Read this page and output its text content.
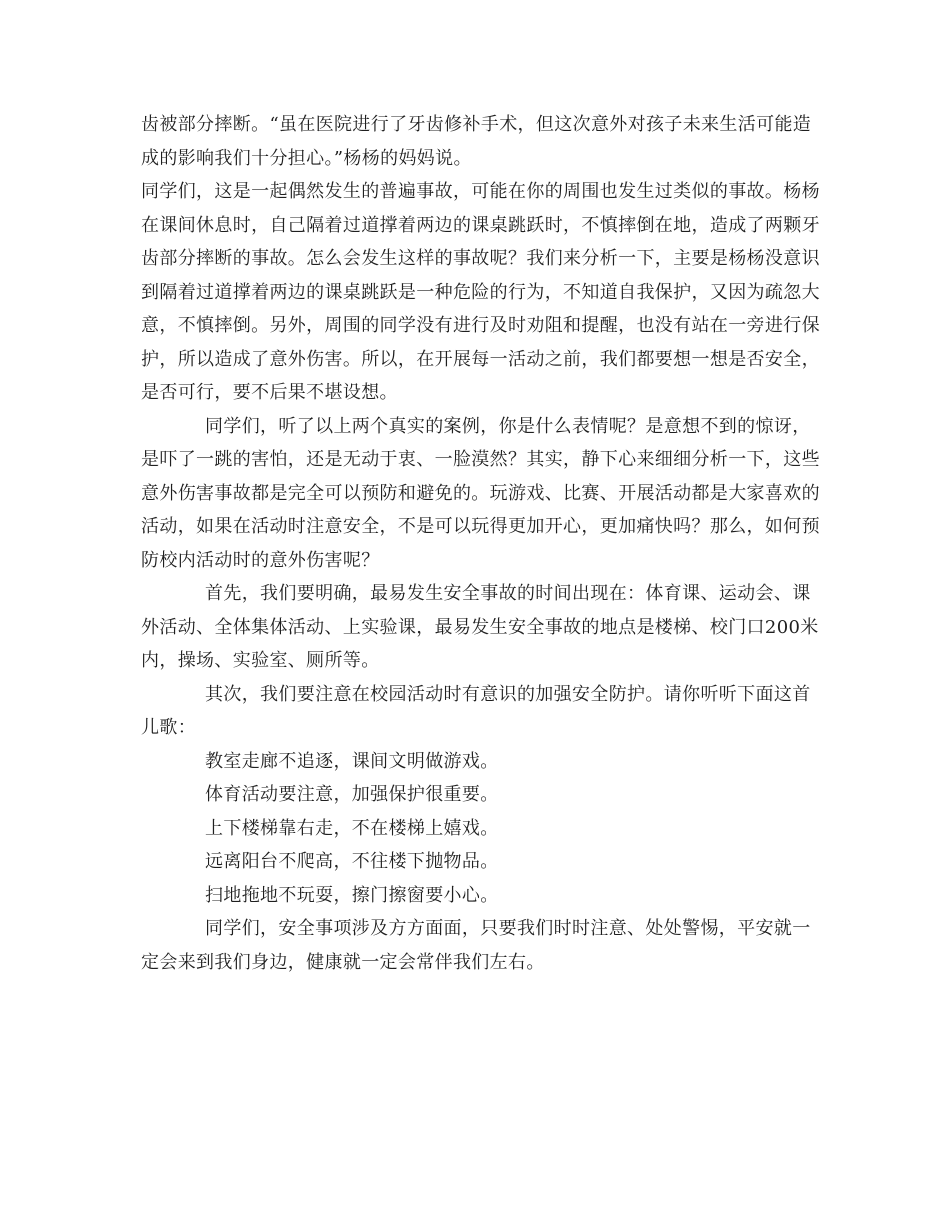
齿被部分摔断。“虽在医院进行了牙齿修补手术，但这次意外对孩子未来生活可能造成的影响我们十分担心。”杨杨的妈妈说。

同学们，这是一起偶然发生的普遍事故，可能在你的周围也发生过类似的事故。杨杨在课间休息时，自己隔着过道撑着两边的课桌跳跃时，不慎摔倒在地，造成了两颗牙齿部分摔断的事故。怎么会发生这样的事故呢？我们来分析一下，主要是杨杨没意识到隔着过道撑着两边的课桌跳跃是一种危险的行为，不知道自我保护，又因为疏忽大意，不慎摔倒。另外，周围的同学没有进行及时劝阻和提醒，也没有站在一旁进行保护，所以造成了意外伤害。所以，在开展每一活动之前，我们都要想一想是否安全，是否可行，要不后果不堪设想。

同学们，听了以上两个真实的案例，你是什么表情呢？是意想不到的惊讶，是吓了一跳的害怕，还是无动于衷、一脸漠然？其实，静下心来细细分析一下，这些意外伤害事故都是完全可以预防和避免的。玩游戏、比赛、开展活动都是大家喜欢的活动，如果在活动时注意安全，不是可以玩得更加开心，更加痛快吗？那么，如何预防校内活动时的意外伤害呢？

首先，我们要明确，最易发生安全事故的时间出现在：体育课、运动会、课外活动、全体集体活动、上实验课，最易发生安全事故的地点是楼梯、校门口200米内，操场、实验室、厕所等。

其次，我们要注意在校园活动时有意识的加强安全防护。请你听听下面这首儿歌：

教室走廊不追逐，课间文明做游戏。

体育活动要注意，加强保护很重要。

上下楼梯靠右走，不在楼梯上嬉戏。

远离阳台不爬高，不往楼下抛物品。

扫地拖地不玩耍，擦门擦窗要小心。

同学们，安全事项涉及方方面面，只要我们时时注意、处处警惕，平安就一定会来到我们身边，健康就一定会常伴我们左右。
